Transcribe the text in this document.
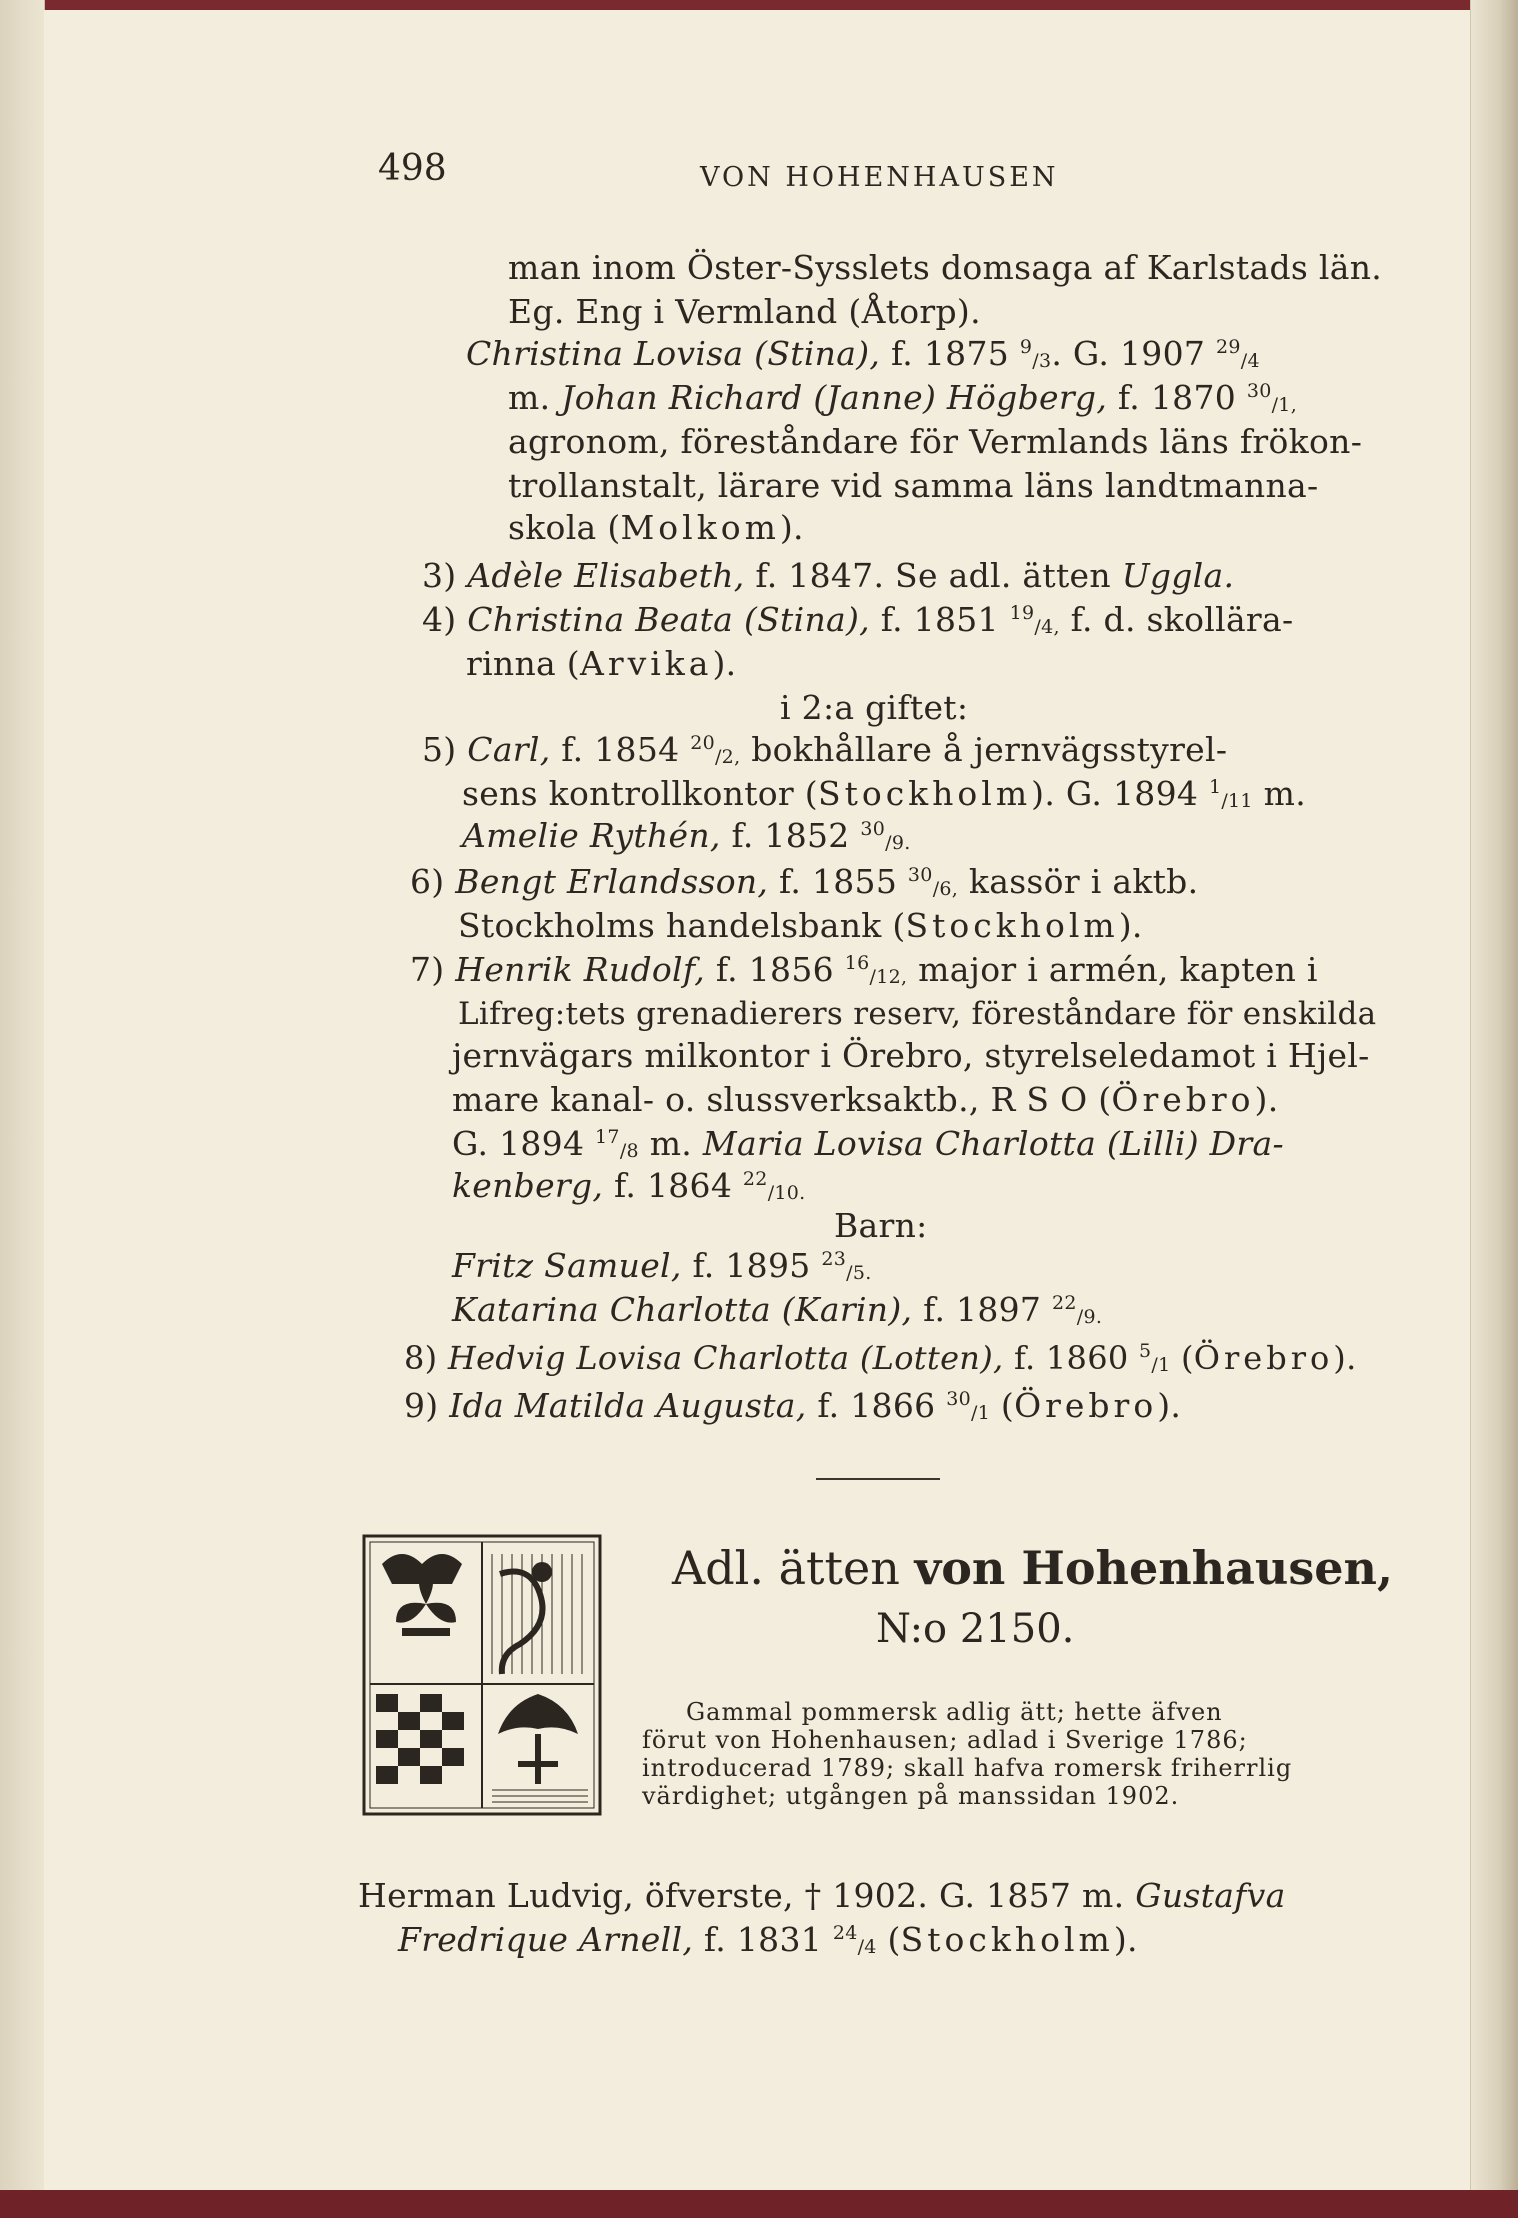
498	VON HOHENHAUSEN
man inom Öster-Sysslets domsaga af Karlstads län.
Eg. Eng i Vermland (Åtorp).
Christina Lovisa (Stina), f. 1875 $^9_{/3}$. G. 1907 $^{29}_{/4}$
m. Johan Richard (Janne) Högberg, f. 1870 $^{30}_{/1,}$
agronom, föreståndare för Vermlands läns frökon-
trollanstalt, lärare vid samma läns landtmanna-
skola (Molkom).
3) Adèle Elisabeth, f. 1847. Se adl. ätten Uggla.
4) Christina Beata (Stina), f. 1851 $^{19}_{/4,}$ f. d. skollära-
rinna (Arvika).
i 2:a giftet:
5) Carl, f. 1854 $^{20}_{/2,}$ bokhållare å jernvägsstyrel-
sens kontrollkontor (Stockholm). G. 1894 $^1_{/11}$ m.
Amelie Rythén, f. 1852 $^{30}_{/9.}$
6) Bengt Erlandsson, f. 1855 $^{30}_{/6,}$ kassör i aktb.
Stockholms handelsbank (Stockholm).
7) Henrik Rudolf, f. 1856 $^{16}_{/12,}$ major i armén, kapten i
Lifreg:tets grenadierers reserv, föreståndare för enskilda
jernvägars milkontor i Örebro, styrelseledamot i Hjel-
mare kanal- o. slussverksaktb., R S O (Örebro).
G. 1894 $^{17}_{/8}$ m. Maria Lovisa Charlotta (Lilli) Dra-
kenberg, f. 1864 $^{22}_{/10.}$
Barn:
Fritz Samuel, f. 1895 $^{23}_{/5.}$
Katarina Charlotta (Karin), f. 1897 $^{22}_{/9.}$
8) Hedvig Lovisa Charlotta (Lotten), f. 1860 $^5_{/1}$ (Örebro).
9) Ida Matilda Augusta, f. 1866 $^{30}_{/1}$ (Örebro).
Adl. ätten von Hohenhausen,
N:o 2150.
Gammal pommersk adlig ätt; hette äfven
förut von Hohenhausen; adlad i Sverige 1786;
introducerad 1789; skall hafva romersk friherrlig
värdighet; utgången på manssidan 1902.
Herman Ludvig, öfverste, † 1902. G. 1857 m. Gustafva
Fredrique Arnell, f. 1831 $^{24}_{/4}$ (Stockholm).
